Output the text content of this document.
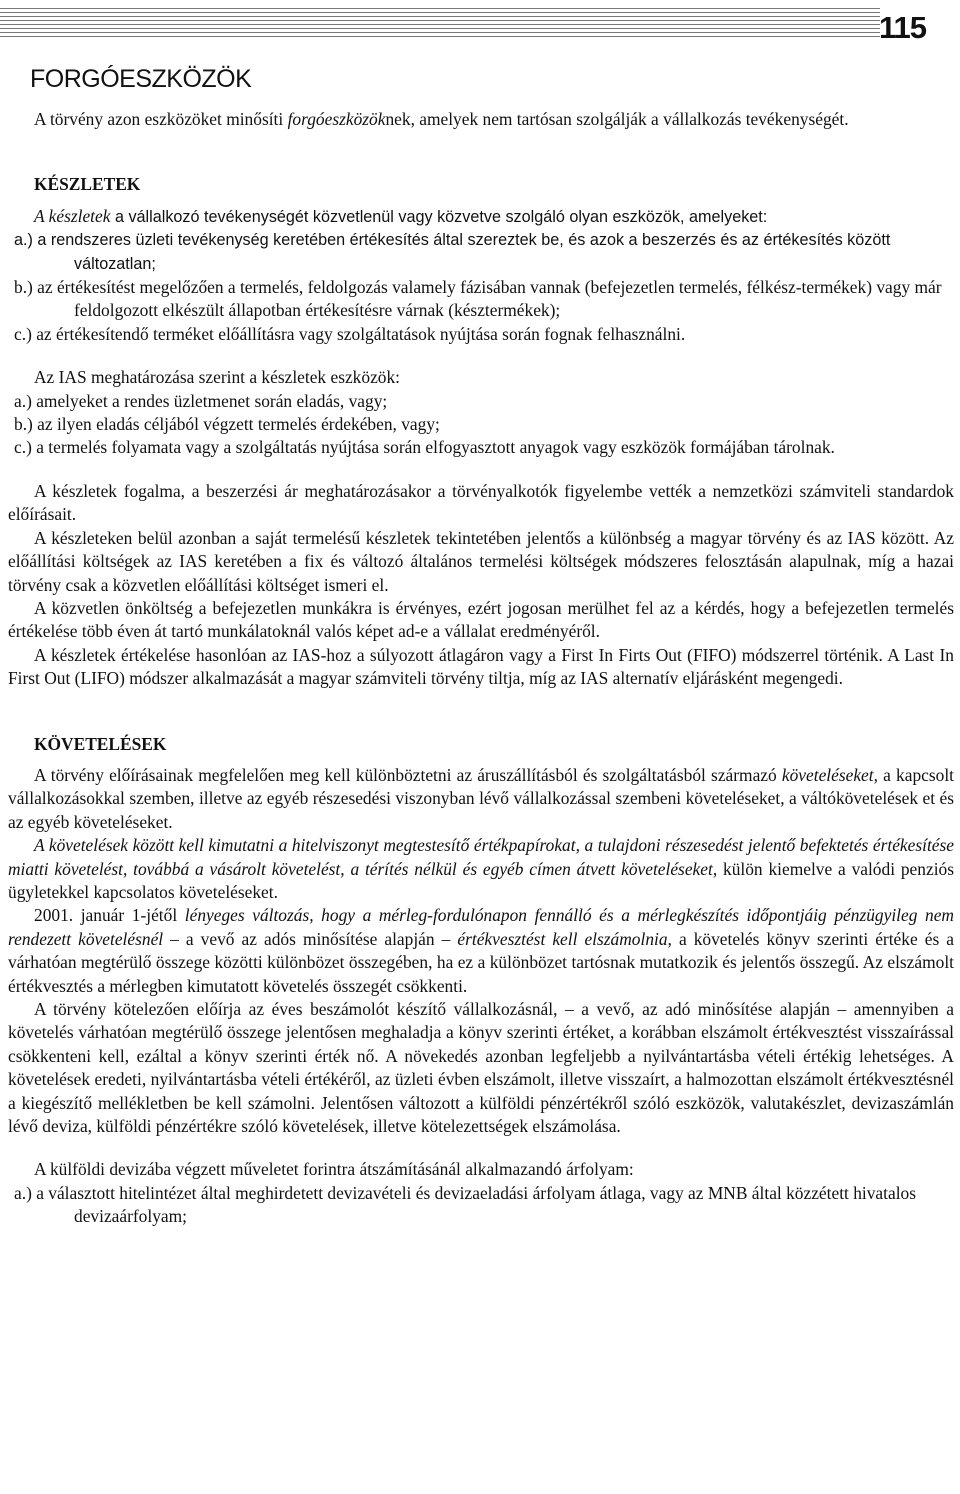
115
FORGÓESZKÖZÖK

A törvény azon eszközöket minősíti forgóeszközöknek, amelyek nem tartósan szolgálják a vállalkozás tevékenységét.

KÉSZLETEK

A készletek a vállalkozó tevékenységét közvetlenül vagy közvetve szolgáló olyan eszközök, amelyeket:

a.) a rendszeres üzleti tevékenység keretében értékesítés által szereztek be, és azok a beszerzés és az értékesítés között változatlan;
b.) az értékesítést megelőzően a termelés, feldolgozás valamely fázisában vannak (befejezetlen termelés, félkész-termékek) vagy már feldolgozott elkészült állapotban értékesítésre várnak (késztermékek);
c.) az értékesítendő terméket előállításra vagy szolgáltatások nyújtása során fognak felhasználni.

Az IAS meghatározása szerint a készletek eszközök:

a.) amelyeket a rendes üzletmenet során eladás, vagy;
b.) az ilyen eladás céljából végzett termelés érdekében, vagy;
c.) a termelés folyamata vagy a szolgáltatás nyújtása során elfogyasztott anyagok vagy eszközök formájában tárolnak.

A készletek fogalma, a beszerzési ár meghatározásakor a törvényalkotók figyelembe vették a nemzetközi számviteli standardok előírásait.

A készleteken belül azonban a saját termelésű készletek tekintetében jelentős a különbség a magyar törvény és az IAS között. Az előállítási költségek az IAS keretében a fix és változó általános termelési költségek módszeres felosztásán alapulnak, míg a hazai törvény csak a közvetlen előállítási költséget ismeri el.

A közvetlen önköltség a befejezetlen munkákra is érvényes, ezért jogosan merülhet fel az a kérdés, hogy a befejezetlen termelés értékelése több éven át tartó munkálatoknál valós képet ad-e a vállalat eredményéről.

A készletek értékelése hasonlóan az IAS-hoz a súlyozott átlagáron vagy a First In Firts Out (FIFO) módszerrel történik. A Last In First Out (LIFO) módszer alkalmazását a magyar számviteli törvény tiltja, míg az IAS alternatív eljárásként megengedi.

KÖVETELÉSEK

A törvény előírásainak megfelelően meg kell különböztetni az áruszállításból és szolgáltatásból származó követeléseket, a kapcsolt vállalkozásokkal szemben, illetve az egyéb részesedési viszonyban lévő vállalkozással szembeni követeléseket, a váltókövetelések et és az egyéb követeléseket.

A követelések között kell kimutatni a hitelviszonyt megtestesítő értékpapírokat, a tulajdoni részesedést jelentő befektetés értékesítése miatti követelést, továbbá a vásárolt követelést, a térítés nélkül és egyéb címen átvett követeléseket, külön kiemelve a valódi penziós ügyletekkel kapcsolatos követeléseket.

2001. január 1-jétől lényeges változás, hogy a mérleg-fordulónapon fennálló és a mérlegkészítés időpontjáig pénzügyileg nem rendezett követelésnél – a vevő az adós minősítése alapján – értékvesztést kell elszámolnia, a követelés könyv szerinti értéke és a várhatóan megtérülő összege közötti különbözet összegében, ha ez a különbözet tartósnak mutatkozik és jelentős összegű. Az elszámolt értékvesztés a mérlegben kimutatott követelés összegét csökkenti.

A törvény kötelezően előírja az éves beszámolót készítő vállalkozásnál, – a vevő, az adó minősítése alapján – amennyiben a követelés várhatóan megtérülő összege jelentősen meghaladja a könyv szerinti értéket, a korábban elszámolt értékvesztést visszaírással csökkenteni kell, ezáltal a könyv szerinti érték nő. A növekedés azonban legfeljebb a nyilvántartásba vételi értékig lehetséges. A követelések eredeti, nyilvántartásba vételi értékéről, az üzleti évben elszámolt, illetve visszaírt, a halmozottan elszámolt értékvesztésnél a kiegészítő mellékletben be kell számolni. Jelentősen változott a külföldi pénzértékről szóló eszközök, valutakészlet, devizaszámlán lévő deviza, külföldi pénzértékre szóló követelések, illetve kötelezettségek elszámolása.

A külföldi devizába végzett műveletet forintra átszámításánál alkalmazandó árfolyam:

a.) a választott hitelintézet által meghirdetett devizavételi és devizaeladási árfolyam átlaga, vagy az MNB által közzétett hivatalos devizaárfolyam;
